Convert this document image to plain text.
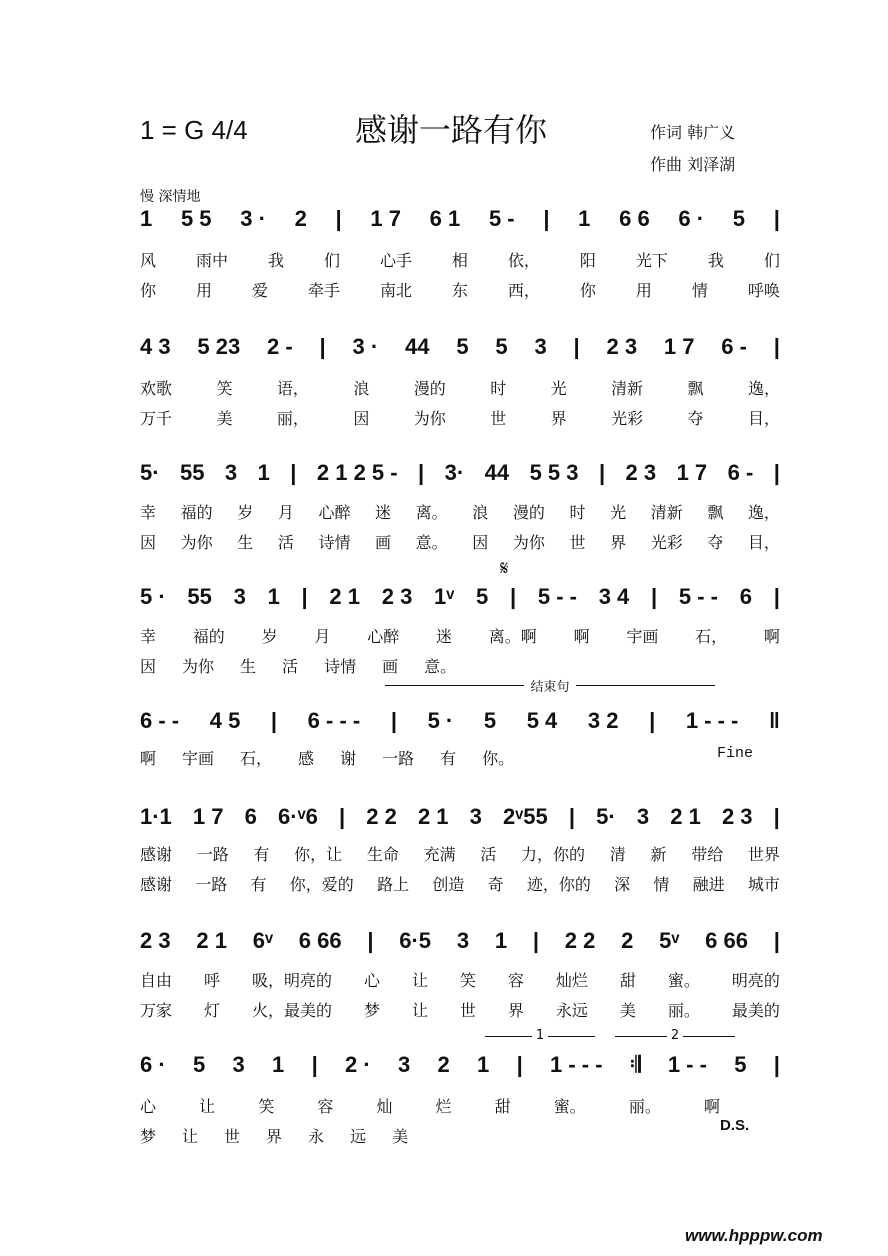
1 = G 4/4	感谢一路有你	作词 韩广义
作曲 刘泽湖
慢 深情地
𝄋
结束句
1	2
Fine
D.S.
www.hpppw.com
1 5 5 3 · 2 | 1 7 6 1 5 - | 1 6 6 6 · 5 |
风 雨中 我 们 心手 相 依， 阳 光下 我 们
你 用 爱 牵手 南北 东 西， 你 用 情 呼唤
4 3 5 23 2 - | 3 · 44 5 5 3 | 2 3 1 7 6 - |
欢歌	笑	语，	浪	漫的	时	光	清新	飘	逸，
万千	美	丽，	因	为你	世	界	光彩	夺	目，
5· 55 3 1 | 2 1 2 5 - | 3· 44 5 5 3 | 2 3 1 7 6 - |
幸 福的 岁 月 心醉 迷 离。 浪 漫的 时 光 清新 飘 逸，
因 为你 生 活 诗情 画 意。 因 为你 世 界 光彩 夺 目，
5 · 55 3 1 | 2 1 2 3 1ᵛ 5 | 5 - - 3 4 | 5 - - 6 |
幸 福的 岁 月 心醉 迷 离。啊 啊 宇画 石， 啊
因 为你 生 活 诗情 画 意。
6 - - 4 5 | 6 - - - | 5 · 5 5 4 3 2 | 1 - - - ‖
啊 宇画 石， 感 谢 一路 有 你。
1·1 1 7 6 6·ᵛ6 | 2 2 2 1 3 2ᵛ55 | 5· 3 2 1 2 3 |
感谢 一路 有 你，让 生命 充满 活 力，你的 清 新 带给 世界
感谢 一路 有 你，爱的 路上 创造 奇 迹，你的 深 情 融进 城市
2 3 2 1 6ᵛ 6 66 | 6·5 3 1 | 2 2 2 5ᵛ 6 66 |
自由 呼 吸，明亮的 心 让 笑 容 灿烂 甜 蜜。 明亮的
万家 灯 火，最美的 梦 让 世 界 永远 美 丽。 最美的
6 · 5 3 1 | 2 · 3 2 1 | 1 - - - 𝄇 1 - - 5 |
心	让	笑	容	灿	烂	甜	蜜。	丽。	啊
梦 让 世 界 永 远 美
